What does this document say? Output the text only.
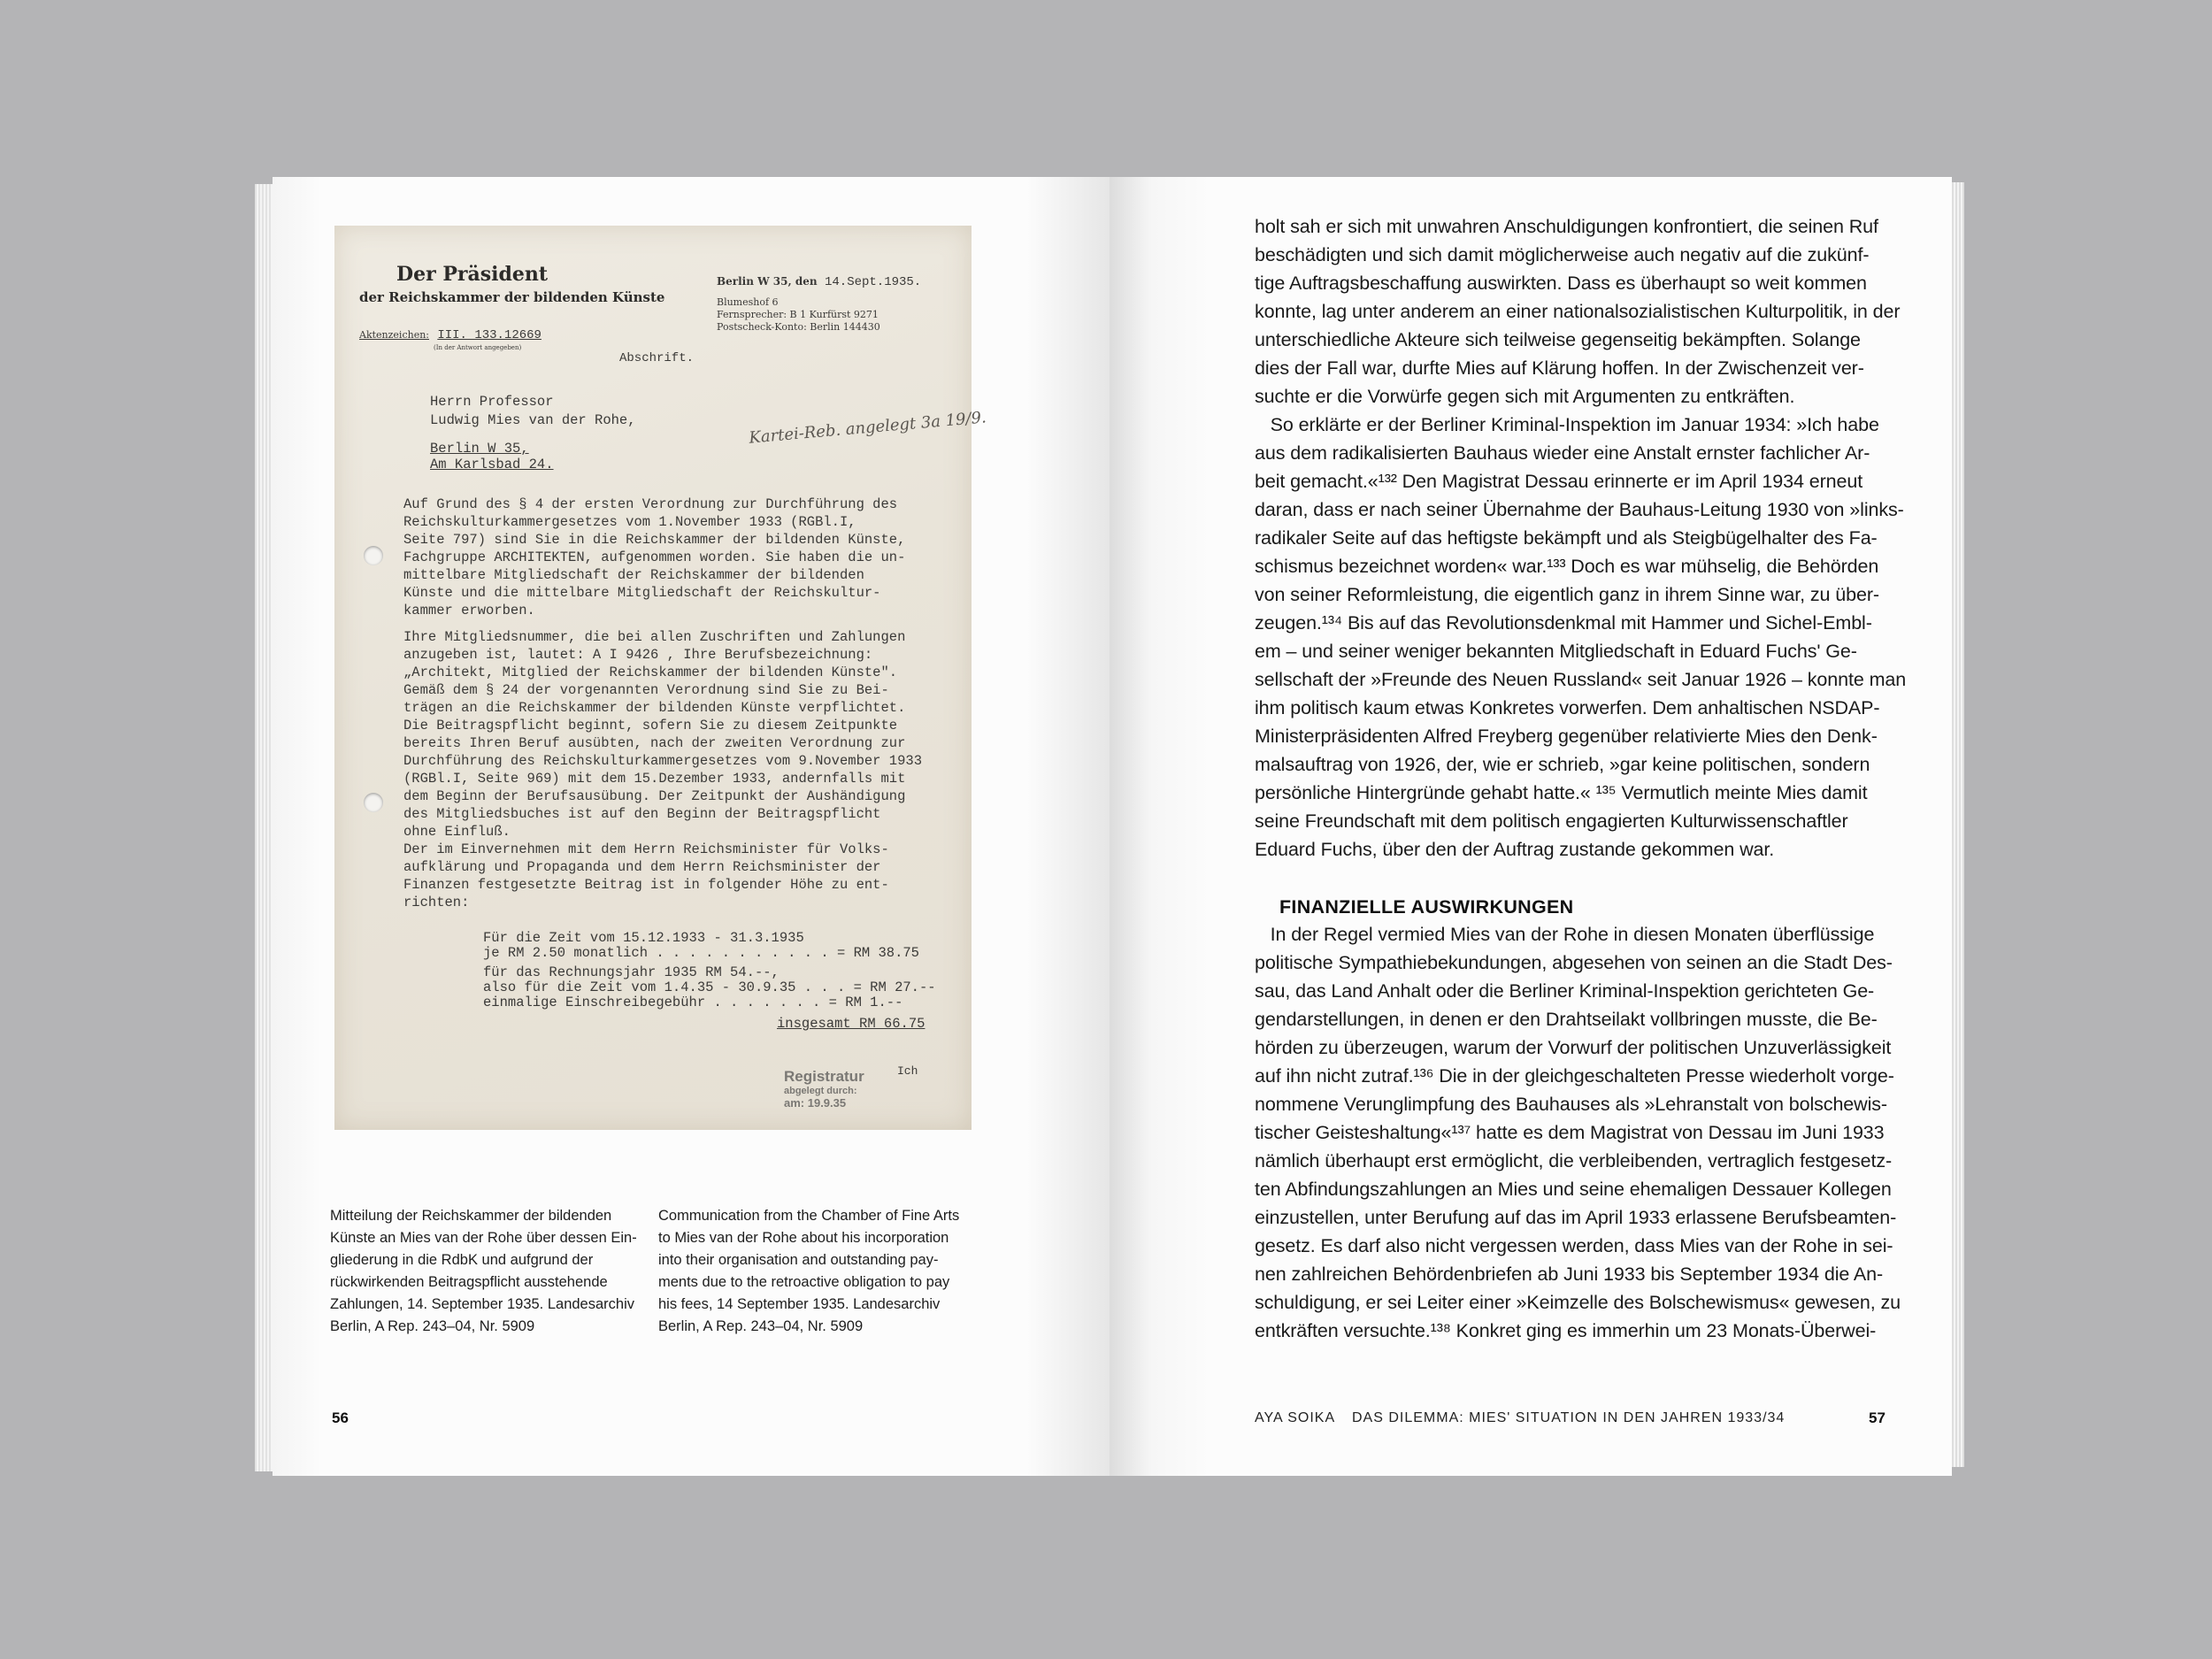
Der Präsident
der Reichskammer der bildenden Künste
Berlin W 35, den 14.Sept.1935.
Blumeshof 6
Fernsprecher: B 1 Kurfürst 9271
Postscheck-Konto: Berlin 144430
Aktenzeichen: III. 133.12669
(In der Antwort angegeben)
Abschrift.
Herrn Professor
Ludwig Mies van der Rohe,
Berlin W 35,
Am Karlsbad 24.
Kartei-Reb. angelegt 3a 19/9.
Auf Grund des § 4 der ersten Verordnung zur Durchführung des
Reichskulturkammergesetzes vom 1.November 1933 (RGBl.I,
Seite 797) sind Sie in die Reichskammer der bildenden Künste,
Fachgruppe ARCHITEKTEN, aufgenommen worden. Sie haben die un-
mittelbare Mitgliedschaft der Reichskammer der bildenden
Künste und die mittelbare Mitgliedschaft der Reichskultur-
kammer erworben.
Ihre Mitgliedsnummer, die bei allen Zuschriften und Zahlungen
anzugeben ist, lautet: A I 9426 , Ihre Berufsbezeichnung:
„Architekt, Mitglied der Reichskammer der bildenden Künste".
Gemäß dem § 24 der vorgenannten Verordnung sind Sie zu Bei-
trägen an die Reichskammer der bildenden Künste verpflichtet.
Die Beitragspflicht beginnt, sofern Sie zu diesem Zeitpunkte
bereits Ihren Beruf ausübten, nach der zweiten Verordnung zur
Durchführung des Reichskulturkammergesetzes vom 9.November 1933
(RGBl.I, Seite 969) mit dem 15.Dezember 1933, andernfalls mit
dem Beginn der Berufsausübung. Der Zeitpunkt der Aushändigung
des Mitgliedsbuches ist auf den Beginn der Beitragspflicht
ohne Einfluß.
Der im Einvernehmen mit dem Herrn Reichsminister für Volks-
aufklärung und Propaganda und dem Herrn Reichsminister der
Finanzen festgesetzte Beitrag ist in folgender Höhe zu ent-
richten:
Für die Zeit vom 15.12.1933 - 31.3.1935
je RM 2.50 monatlich . . . . . . . . . . . = RM 38.75
für das Rechnungsjahr 1935 RM 54.--,
also für die Zeit vom 1.4.35 - 30.9.35 . . . = RM 27.--
einmalige Einschreibegebühr . . . . . . . = RM 1.--
insgesamt RM 66.75
Registratur
abgelegt durch:
am: 19.9.35
Ich
Mitteilung der Reichskammer der bildenden
Künste an Mies van der Rohe über dessen Ein-
gliederung in die RdbK und aufgrund der
rückwirkenden Beitragspflicht ausstehende
Zahlungen, 14. September 1935. Landesarchiv
Berlin, A Rep. 243–04, Nr. 5909
Communication from the Chamber of Fine Arts
to Mies van der Rohe about his incorporation
into their organisation and outstanding pay-
ments due to the retroactive obligation to pay
his fees, 14 September 1935. Landesarchiv
Berlin, A Rep. 243–04, Nr. 5909
56
holt sah er sich mit unwahren Anschuldigungen konfrontiert, die seinen Ruf
beschädigten und sich damit möglicherweise auch negativ auf die zukünf-
tige Auftragsbeschaffung auswirkten. Dass es überhaupt so weit kommen
konnte, lag unter anderem an einer nationalsozialistischen Kulturpolitik, in der
unterschiedliche Akteure sich teilweise gegenseitig bekämpften. Solange
dies der Fall war, durfte Mies auf Klärung hoffen. In der Zwischenzeit ver-
suchte er die Vorwürfe gegen sich mit Argumenten zu entkräften.
So erklärte er der Berliner Kriminal-Inspektion im Januar 1934: »Ich habe
aus dem radikalisierten Bauhaus wieder eine Anstalt ernster fachlicher Ar-
beit gemacht.«¹³² Den Magistrat Dessau erinnerte er im April 1934 erneut
daran, dass er nach seiner Übernahme der Bauhaus-Leitung 1930 von »links-
radikaler Seite auf das heftigste bekämpft und als Steigbügelhalter des Fa-
schismus bezeichnet worden« war.¹³³ Doch es war mühselig, die Behörden
von seiner Reformleistung, die eigentlich ganz in ihrem Sinne war, zu über-
zeugen.¹³⁴ Bis auf das Revolutionsdenkmal mit Hammer und Sichel-Embl-
em – und seiner weniger bekannten Mitgliedschaft in Eduard Fuchs' Ge-
sellschaft der »Freunde des Neuen Russland« seit Januar 1926 – konnte man
ihm politisch kaum etwas Konkretes vorwerfen. Dem anhaltischen NSDAP-
Ministerpräsidenten Alfred Freyberg gegenüber relativierte Mies den Denk-
malsauftrag von 1926, der, wie er schrieb, »gar keine politischen, sondern
persönliche Hintergründe gehabt hatte.« ¹³⁵ Vermutlich meinte Mies damit
seine Freundschaft mit dem politisch engagierten Kulturwissenschaftler
Eduard Fuchs, über den der Auftrag zustande gekommen war.
FINANZIELLE AUSWIRKUNGEN
In der Regel vermied Mies van der Rohe in diesen Monaten überflüssige
politische Sympathiebekundungen, abgesehen von seinen an die Stadt Des-
sau, das Land Anhalt oder die Berliner Kriminal-Inspektion gerichteten Ge-
gendarstellungen, in denen er den Drahtseilakt vollbringen musste, die Be-
hörden zu überzeugen, warum der Vorwurf der politischen Unzuverlässigkeit
auf ihn nicht zutraf.¹³⁶ Die in der gleichgeschalteten Presse wiederholt vorge-
nommene Verunglimpfung des Bauhauses als »Lehranstalt von bolschewis-
tischer Geisteshaltung«¹³⁷ hatte es dem Magistrat von Dessau im Juni 1933
nämlich überhaupt erst ermöglicht, die verbleibenden, vertraglich festgesetz-
ten Abfindungszahlungen an Mies und seine ehemaligen Dessauer Kollegen
einzustellen, unter Berufung auf das im April 1933 erlassene Berufsbeamten-
gesetz. Es darf also nicht vergessen werden, dass Mies van der Rohe in sei-
nen zahlreichen Behördenbriefen ab Juni 1933 bis September 1934 die An-
schuldigung, er sei Leiter einer »Keimzelle des Bolschewismus« gewesen, zu
entkräften versuchte.¹³⁸ Konkret ging es immerhin um 23 Monats-Überwei-
AYA SOIKA DAS DILEMMA: MIES' SITUATION IN DEN JAHREN 1933/34	57
